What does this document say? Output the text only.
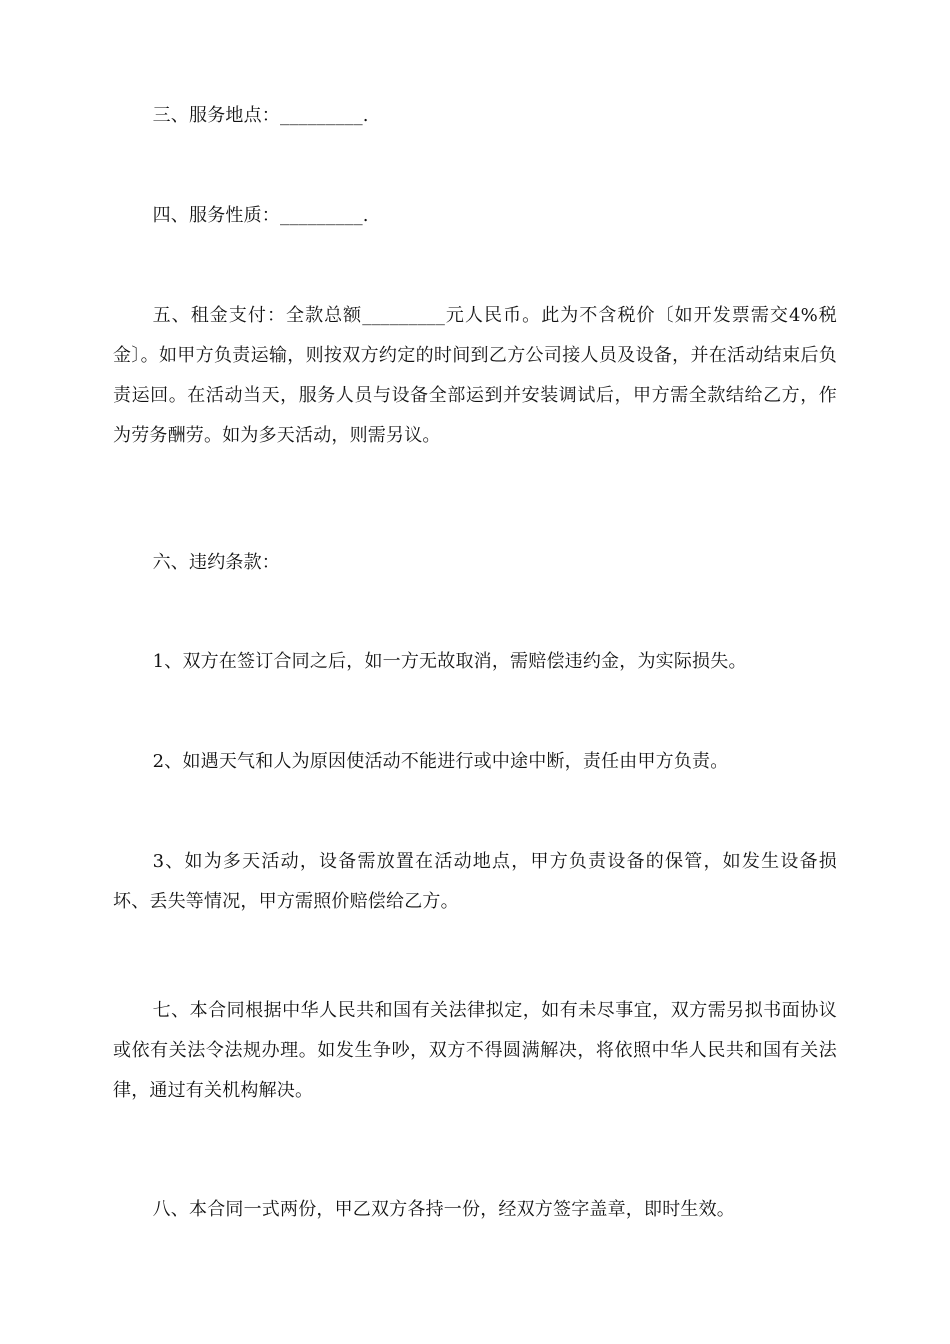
三、服务地点：_________.

四、服务性质：_________.

五、租金支付：全款总额_________元人民币。此为不含税价〔如开发票需交4%税金〕。如甲方负责运输，则按双方约定的时间到乙方公司接人员及设备，并在活动结束后负责运回。在活动当天，服务人员与设备全部运到并安装调试后，甲方需全款结给乙方，作为劳务酬劳。如为多天活动，则需另议。

六、违约条款：

1、双方在签订合同之后，如一方无故取消，需赔偿违约金，为实际损失。

2、如遇天气和人为原因使活动不能进行或中途中断，责任由甲方负责。

3、如为多天活动，设备需放置在活动地点，甲方负责设备的保管，如发生设备损坏、丢失等情况，甲方需照价赔偿给乙方。

七、本合同根据中华人民共和国有关法律拟定，如有未尽事宜，双方需另拟书面协议或依有关法令法规办理。如发生争吵，双方不得圆满解决，将依照中华人民共和国有关法律，通过有关机构解决。

八、本合同一式两份，甲乙双方各持一份，经双方签字盖章，即时生效。
